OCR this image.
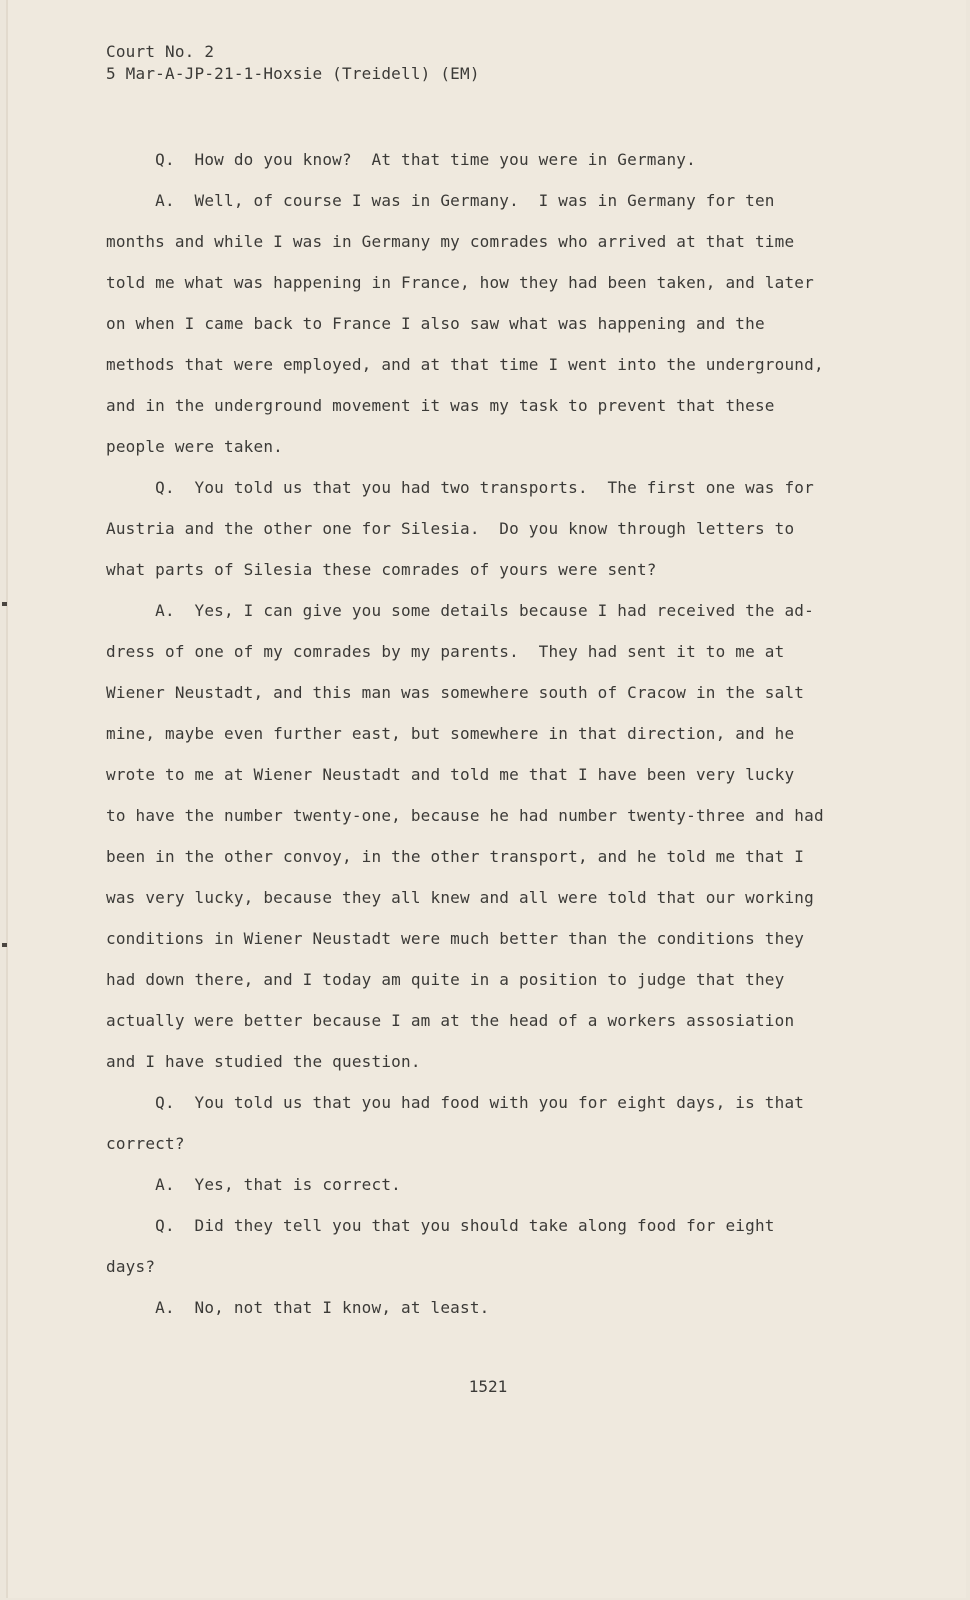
Court No. 2
5 Mar-A-JP-21-1-Hoxsie (Treidell) (EM)
Q.  How do you know?  At that time you were in Germany.
A.  Well, of course I was in Germany.  I was in Germany for ten
months and while I was in Germany my comrades who arrived at that time
told me what was happening in France, how they had been taken, and later
on when I came back to France I also saw what was happening and the
methods that were employed, and at that time I went into the underground,
and in the underground movement it was my task to prevent that these
people were taken.
Q.  You told us that you had two transports.  The first one was for
Austria and the other one for Silesia.  Do you know through letters to
what parts of Silesia these comrades of yours were sent?
A.  Yes, I can give you some details because I had received the ad-
dress of one of my comrades by my parents.  They had sent it to me at
Wiener Neustadt, and this man was somewhere south of Cracow in the salt
mine, maybe even further east, but somewhere in that direction, and he
wrote to me at Wiener Neustadt and told me that I have been very lucky
to have the number twenty-one, because he had number twenty-three and had
been in the other convoy, in the other transport, and he told me that I
was very lucky, because they all knew and all were told that our working
conditions in Wiener Neustadt were much better than the conditions they
had down there, and I today am quite in a position to judge that they
actually were better because I am at the head of a workers assosiation
and I have studied the question.
Q.  You told us that you had food with you for eight days, is that
correct?
A.  Yes, that is correct.
Q.  Did they tell you that you should take along food for eight
days?
A.  No, not that I know, at least.
1521
